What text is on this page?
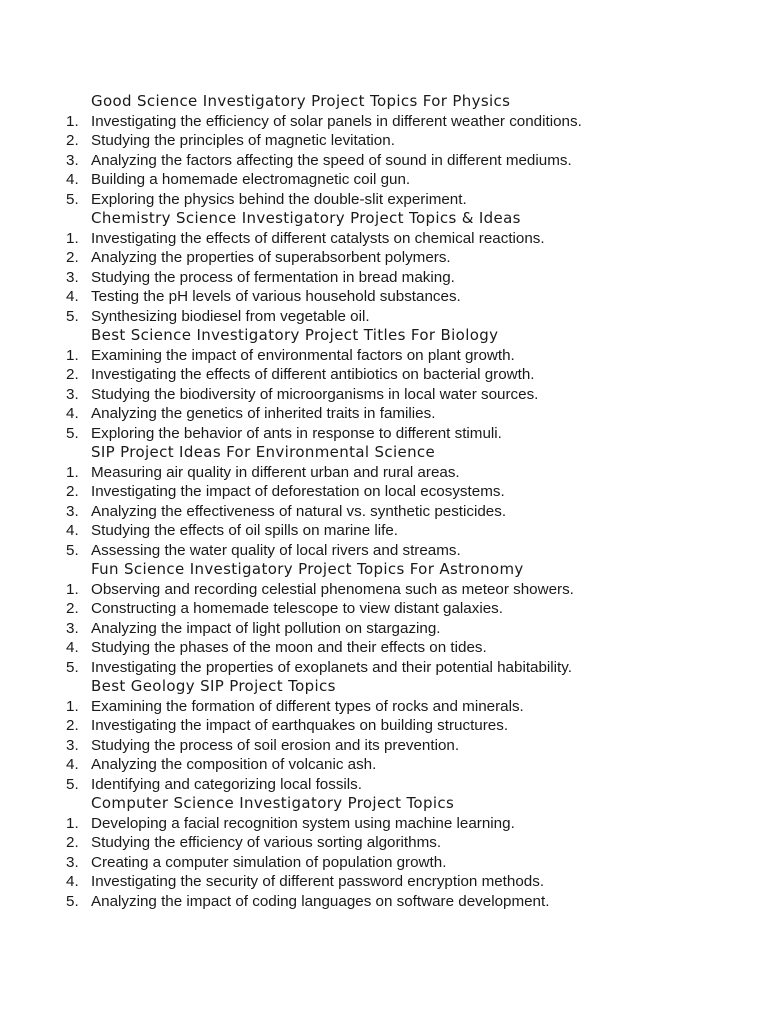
Good Science Investigatory Project Topics For Physics
1. Investigating the efficiency of solar panels in different weather conditions.
2. Studying the principles of magnetic levitation.
3. Analyzing the factors affecting the speed of sound in different mediums.
4. Building a homemade electromagnetic coil gun.
5. Exploring the physics behind the double-slit experiment.
Chemistry Science Investigatory Project Topics & Ideas
1. Investigating the effects of different catalysts on chemical reactions.
2. Analyzing the properties of superabsorbent polymers.
3. Studying the process of fermentation in bread making.
4. Testing the pH levels of various household substances.
5. Synthesizing biodiesel from vegetable oil.
Best Science Investigatory Project Titles For Biology
1. Examining the impact of environmental factors on plant growth.
2. Investigating the effects of different antibiotics on bacterial growth.
3. Studying the biodiversity of microorganisms in local water sources.
4. Analyzing the genetics of inherited traits in families.
5. Exploring the behavior of ants in response to different stimuli.
SIP Project Ideas For Environmental Science
1. Measuring air quality in different urban and rural areas.
2. Investigating the impact of deforestation on local ecosystems.
3. Analyzing the effectiveness of natural vs. synthetic pesticides.
4. Studying the effects of oil spills on marine life.
5. Assessing the water quality of local rivers and streams.
Fun Science Investigatory Project Topics For Astronomy
1. Observing and recording celestial phenomena such as meteor showers.
2. Constructing a homemade telescope to view distant galaxies.
3. Analyzing the impact of light pollution on stargazing.
4. Studying the phases of the moon and their effects on tides.
5. Investigating the properties of exoplanets and their potential habitability.
Best Geology SIP Project Topics
1. Examining the formation of different types of rocks and minerals.
2. Investigating the impact of earthquakes on building structures.
3. Studying the process of soil erosion and its prevention.
4. Analyzing the composition of volcanic ash.
5. Identifying and categorizing local fossils.
Computer Science Investigatory Project Topics
1. Developing a facial recognition system using machine learning.
2. Studying the efficiency of various sorting algorithms.
3. Creating a computer simulation of population growth.
4. Investigating the security of different password encryption methods.
5. Analyzing the impact of coding languages on software development.
